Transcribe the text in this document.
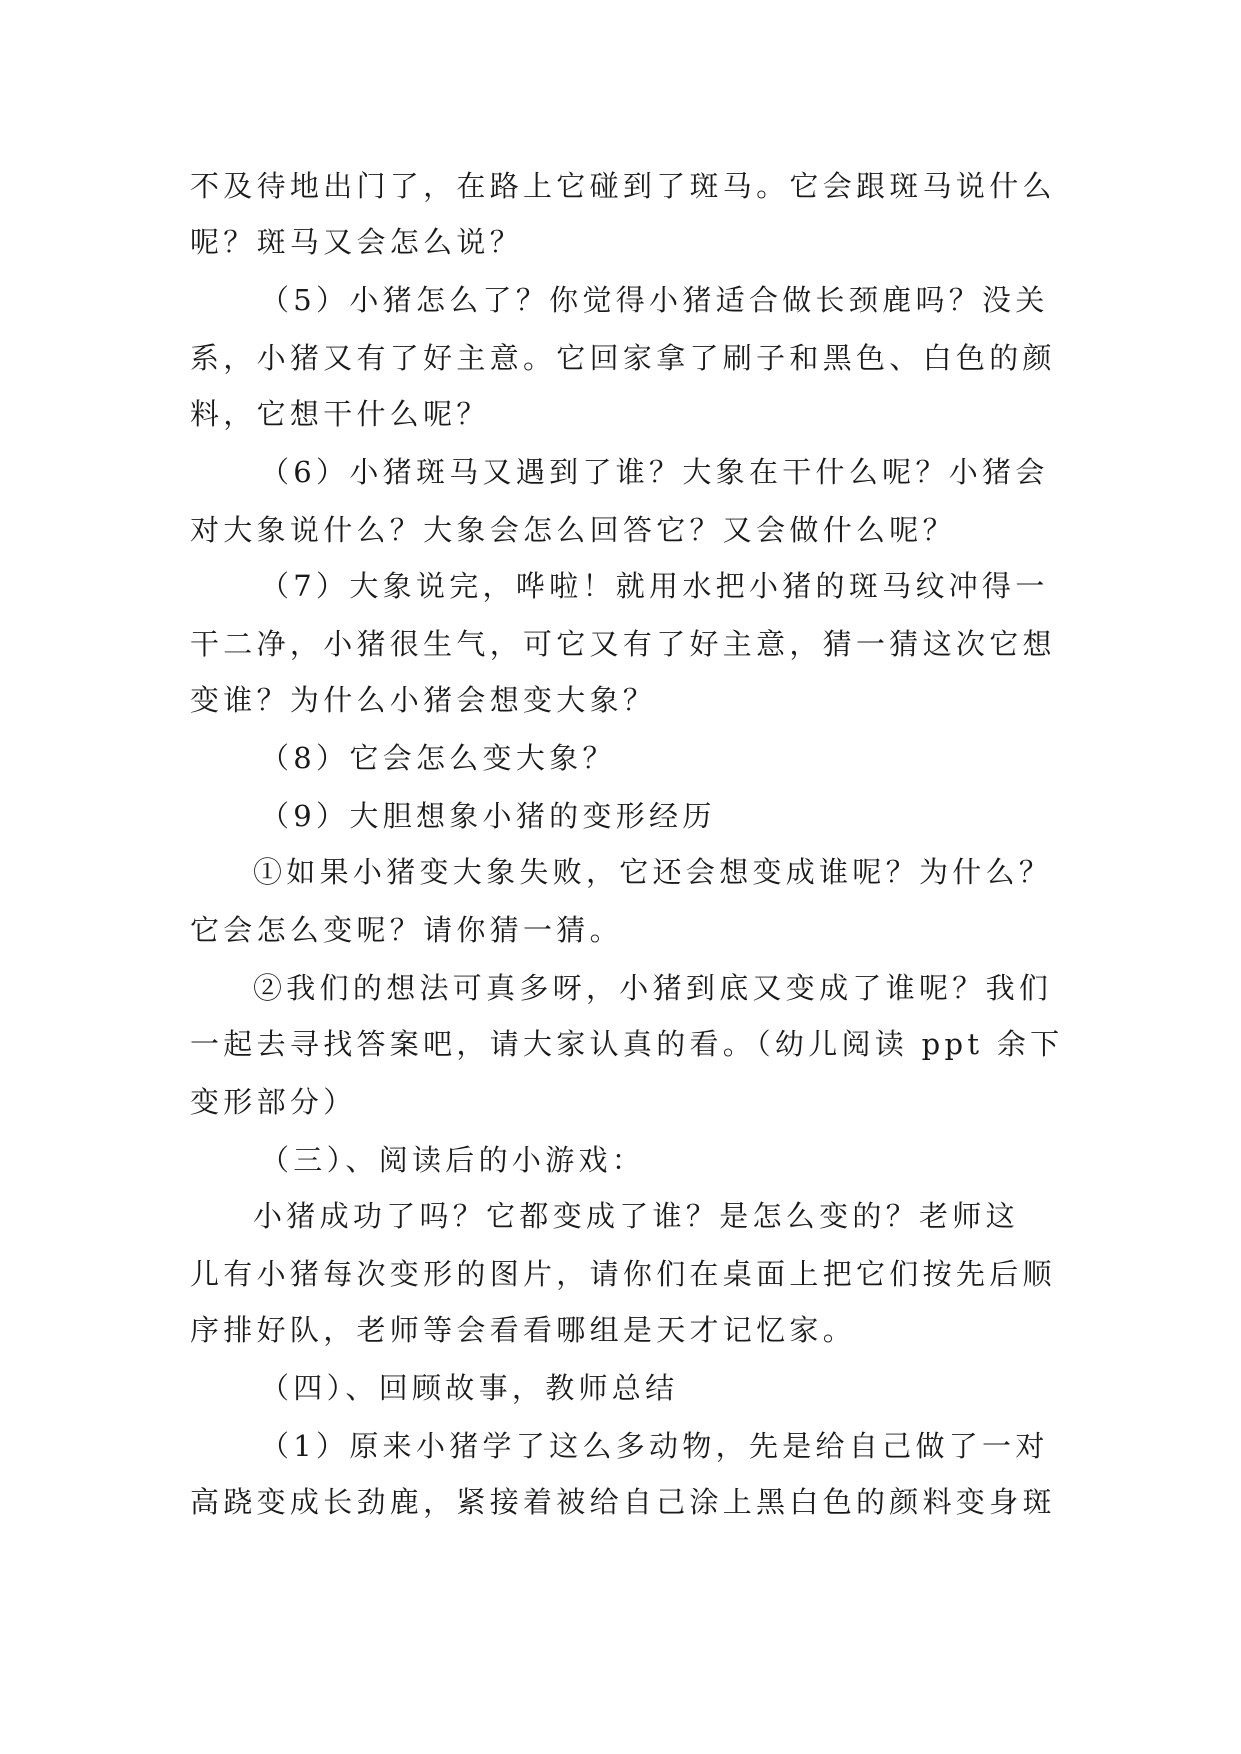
不及待地出门了，在路上它碰到了斑马。它会跟斑马说什么
呢？斑马又会怎么说？
（5）小猪怎么了？你觉得小猪适合做长颈鹿吗？没关
系，小猪又有了好主意。它回家拿了刷子和黑色、白色的颜
料，它想干什么呢？
（6）小猪斑马又遇到了谁？大象在干什么呢？小猪会
对大象说什么？大象会怎么回答它？又会做什么呢？
（7）大象说完，哗啦！就用水把小猪的斑马纹冲得一
干二净，小猪很生气，可它又有了好主意，猜一猜这次它想
变谁？为什么小猪会想变大象？
（8）它会怎么变大象？
（9）大胆想象小猪的变形经历
①如果小猪变大象失败，它还会想变成谁呢？为什么？
它会怎么变呢？请你猜一猜。
②我们的想法可真多呀，小猪到底又变成了谁呢？我们
一起去寻找答案吧，请大家认真的看。（幼儿阅读 ppt 余下
变形部分）
（三）、阅读后的小游戏：
小猪成功了吗？它都变成了谁？是怎么变的？老师这
儿有小猪每次变形的图片，请你们在桌面上把它们按先后顺
序排好队，老师等会看看哪组是天才记忆家。
（四）、回顾故事，教师总结
（1）原来小猪学了这么多动物，先是给自己做了一对
高跷变成长劲鹿，紧接着被给自己涂上黑白色的颜料变身斑
